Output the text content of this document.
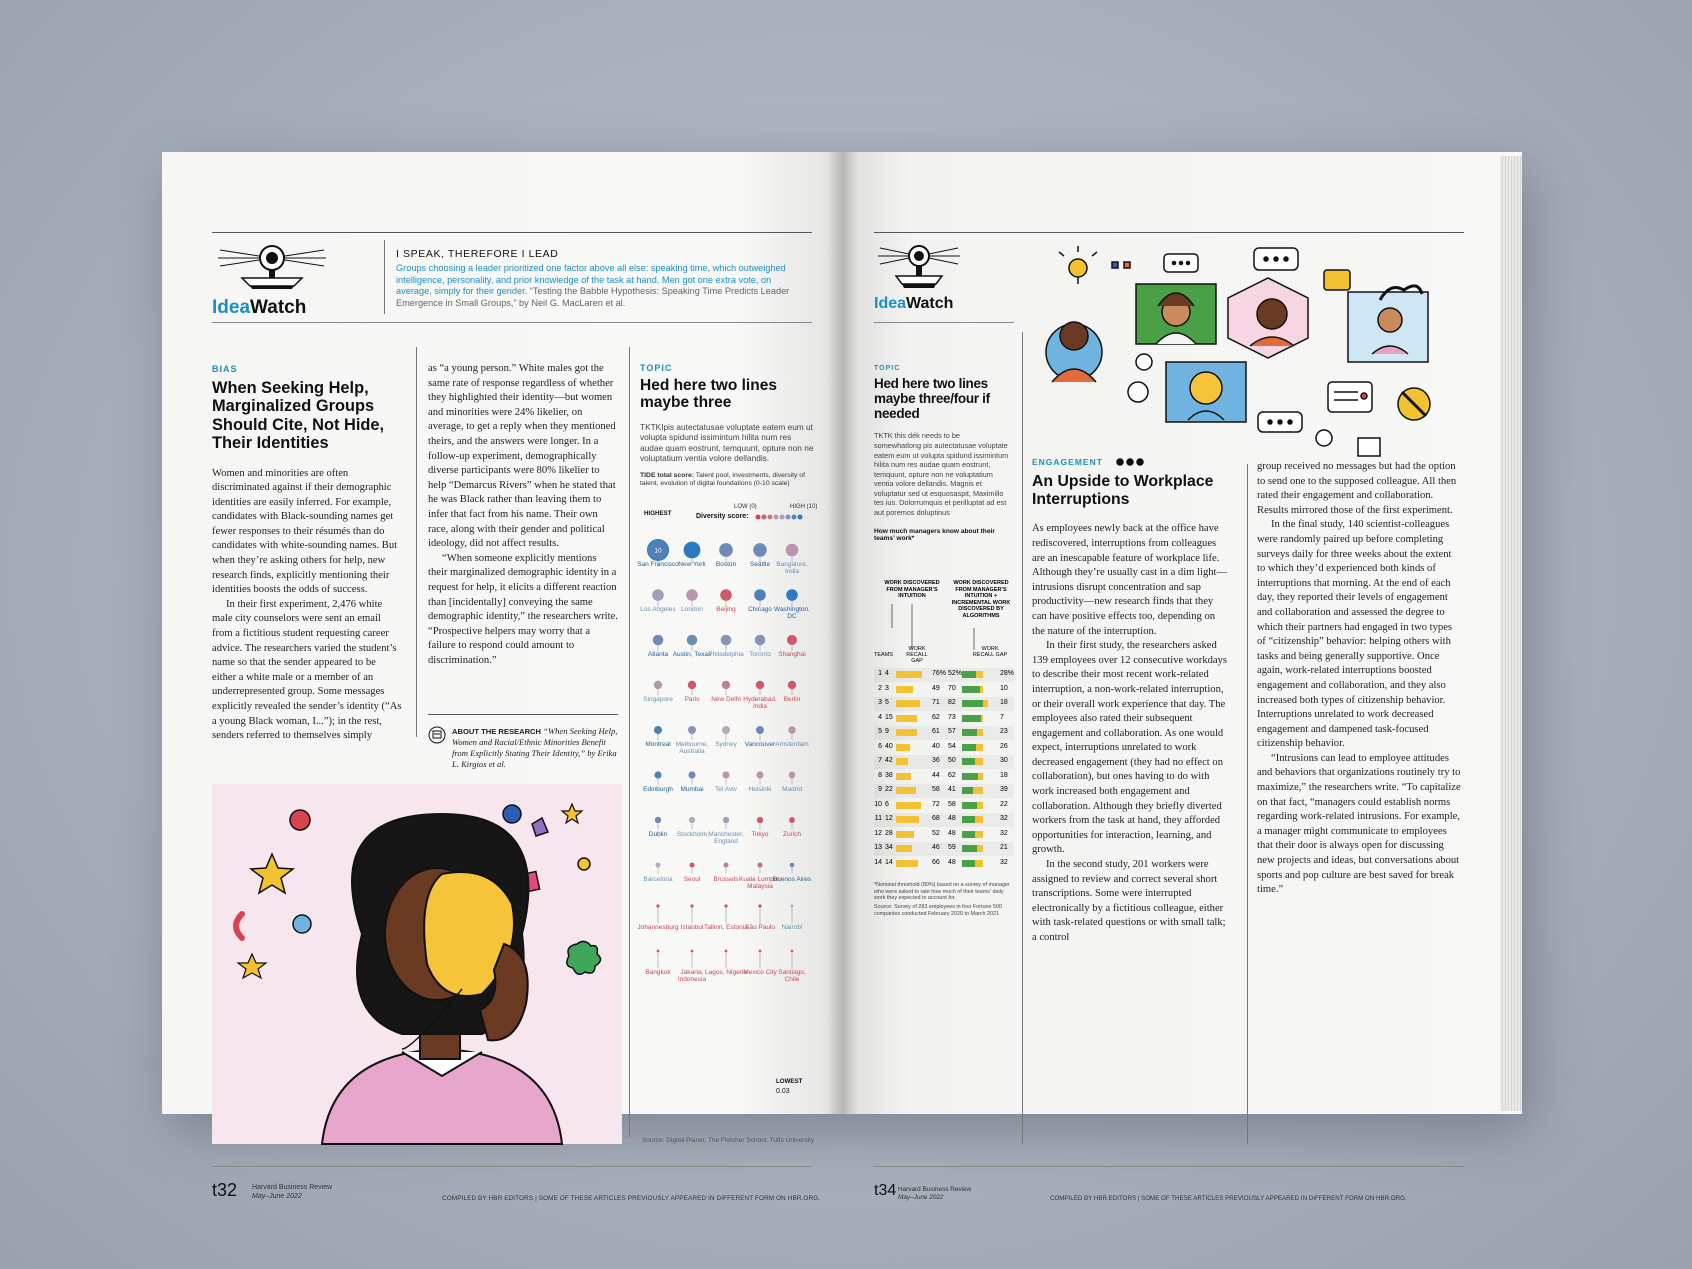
IdeaWatch
I SPEAK, THEREFORE I LEAD
Groups choosing a leader prioritized one factor above all else: speaking time, which outweighed intelligence, personality, and prior knowledge of the task at hand. Men got one extra vote, on average, simply for their gender. “Testing the Babble Hypothesis: Speaking Time Predicts Leader Emergence in Small Groups,” by Neil G. MacLaren et al.
BIAS
When Seeking Help, Marginalized Groups Should Cite, Not Hide, Their Identities

Women and minorities are often discriminated against if their demographic identities are easily inferred. For example, candidates with Black-sounding names get fewer responses to their résumés than do candidates with white-sounding names. But when they’re asking others for help, new research finds, explicitly mentioning their identities boosts the odds of success.

In their first experiment, 2,476 white male city counselors were sent an email from a fictitious student requesting career advice. The researchers varied the student’s name so that the sender appeared to be either a white male or a member of an underrepresented group. Some messages explicitly revealed the sender’s identity (“As a young Black woman, I...”); in the rest, senders referred to themselves simply

as “a young person.” White males got the same rate of response regardless of whether they highlighted their identity—but women and minorities were 24% likelier, on average, to get a reply when they mentioned theirs, and the answers were longer. In a follow-up experiment, demographically diverse participants were 80% likelier to help “Demarcus Rivers” when he stated that he was Black rather than leaving them to infer that fact from his name. Their own race, along with their gender and political ideology, did not affect results.

“When someone explicitly mentions their marginalized demographic identity in a request for help, it elicits a different reaction than [incidentally] conveying the same demographic identity,” the researchers write. “Prospective helpers may worry that a failure to respond could amount to discrimination.”

ABOUT THE RESEARCH “When Seeking Help, Women and Racial/Ethnic Minorities Benefit from Explicitly Stating Their Identity,” by Erika L. Kirgios et al.
TOPIC
Hed here two lines maybe three
TKTKIpis autectatusae voluptate eatem eum ut volupta spidund issimintum hilita num res audae quam eostrunt, temquunt, opture non ne voluptatium ventia volore dellandis.
TIDE total score: Talent pool, investments, diversity of talent, evolution of digital foundations (0-10 scale)
LOW (0)	HIGH (10)
Diversity score:
HIGHEST
LOWEST
0.03
10
San Francisco New York	Boston	Seattle Bangalore, India
Los Angeles London	Beijing	Chicago Washington, DC
Atlanta Austin, Texas
Philadelphia Toronto	Shanghai
Singapore	Paris	New Delhi Hyderabad, India
Berlin
Montreal Melbourne, Australia
Sydney	Vancouver Amsterdam
Edinburgh	Mumbai	Tel Aviv	Helsinki	Madrid
Dublin	Stockholm Manchester, England
Tokyo	Zurich
Barcelona	Seoul	Brussels Kuala Lumpur, Malaysia
Buenos Aires
Johannesburg Istanbul Tallinn, Estonia
São Paulo	Nairobi
Bangkok	Jakarta, Indonesia
Lagos, Nigeria
Mexico City Santiago, Chile
Source: Digital Planet, The Fletcher School, Tufts University
t32 Harvard Business Review
May–June 2022	COMPILED BY HBR EDITORS | SOME OF THESE ARTICLES PREVIOUSLY APPEARED IN DIFFERENT FORM ON HBR.ORG.
IdeaWatch
TOPIC
Hed here two lines maybe three/four if needed
TKTK this dék needs to be somewhatlong pis autectatusae voluptate eatem eum ut volupta spidund issimintum hilita num res audae quam eostrunt, temquunt, opture non ne voluptatium ventia volore dellandis. Magnis et voluptatur sed ut esquosaspit, Maximillo tes ius. Dolorrumquis et perilluptat ad est aut poremos doluptinus
How much managers know about their teams’ work*
WORK DISCOVERED FROM MANAGER’S INTUITION
WORK DISCOVERED FROM MANAGER’S INTUITION + INCREMENTAL WORK DISCOVERED BY ALGORITHMS
TEAMS
WORK RECALL GAP
WORK RECALL GAP
1 4	76% 52%	28%
2 3	49 70	10
3 5	71 82	18
4 15	62 73	7
5 9	61 57	23
6 40	40 54	26
7 42	36 50	30
8 38	44 62	18
9 22	58 41	39
10 6	72 58	22
11 12	68 48	32
12 28	52 48	32
13 34	46 59	21
14 14	66 48	32
*Nominal threshold (80%) based on a survey of manager who were asked to rate how much of their teams’ daily work they expected to account for.
Source: Survey of 283 employees in four Fortune 500 companies conducted February 2020 to March 2021
ENGAGEMENT
An Upside to Workplace Interruptions

As employees newly back at the office have rediscovered, interruptions from colleagues are an inescapable feature of workplace life. Although they’re usually cast in a dim light—intrusions disrupt concentration and sap productivity—new research finds that they can have positive effects too, depending on the nature of the interruption.

In their first study, the researchers asked 139 employees over 12 consecutive workdays to describe their most recent work-related interruption, a non-work-related interruption, or their overall work experience that day. The employees also rated their subsequent engagement and collaboration. As one would expect, interruptions unrelated to work decreased engagement (they had no effect on collaboration), but ones having to do with work increased both engagement and collaboration. Although they briefly diverted workers from the task at hand, they afforded opportunities for interaction, learning, and growth.

In the second study, 201 workers were assigned to review and correct several short transcriptions. Some were interrupted electronically by a fictitious colleague, either with task-related questions or with small talk; a control

group received no messages but had the option to send one to the supposed colleague. All then rated their engagement and collaboration. Results mirrored those of the first experiment.

In the final study, 140 scientist-colleagues were randomly paired up before completing surveys daily for three weeks about the extent to which they’d experienced both kinds of interruptions that morning. At the end of each day, they reported their levels of engagement and collaboration and assessed the degree to which their partners had engaged in two types of “citizenship” behavior: helping others with tasks and being generally supportive. Once again, work-related interruptions boosted engagement and collaboration, and they also increased both types of citizenship behavior. Interruptions unrelated to work decreased engagement and dampened task-focused citizenship behavior.

“Intrusions can lead to employee attitudes and behaviors that organizations routinely try to maximize,” the researchers write. “To capitalize on that fact, “managers could establish norms regarding work-related intrusions. For example, a manager might communicate to employees that their door is always open for discussing new projects and ideas, but conversations about sports and pop culture are best saved for break time.”

t34 Harvard Business Review
May–June 2022	COMPILED BY HBR EDITORS | SOME OF THESE ARTICLES PREVIOUSLY APPEARED IN DIFFERENT FORM ON HBR.ORG.
